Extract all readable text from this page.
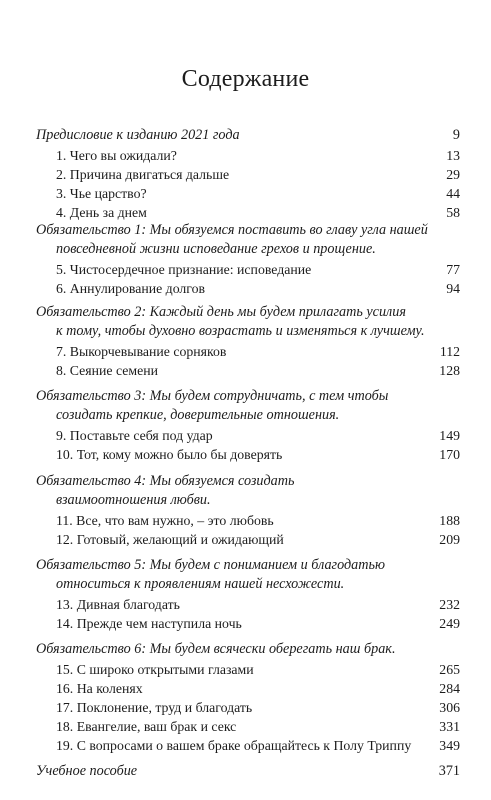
Содержание
Предисловие к изданию 2021 года	9
1. Чего вы ожидали?	13
2. Причина двигаться дальше	29
3. Чье царство?	44
4. День за днем	58
Обязательство 1: Мы обязуемся поставить во главу угла нашей
повседневной жизни исповедание грехов и прощение.
5. Чистосердечное признание: исповедание	77
6. Аннулирование долгов	94
Обязательство 2: Каждый день мы будем прилагать усилия
к тому, чтобы духовно возрастать и изменяться к лучшему.
7. Выкорчевывание сорняков	112
8. Сеяние семени	128
Обязательство 3: Мы будем сотрудничать, с тем чтобы
созидать крепкие, доверительные отношения.
9. Поставьте себя под удар	149
10. Тот, кому можно было бы доверять	170
Обязательство 4: Мы обязуемся созидать
взаимоотношения любви.
11. Все, что вам нужно, – это любовь	188
12. Готовый, желающий и ожидающий	209
Обязательство 5: Мы будем с пониманием и благодатью
относиться к проявлениям нашей несхожести.
13. Дивная благодать	232
14. Прежде чем наступила ночь	249
Обязательство 6: Мы будем всячески оберегать наш брак.
15. С широко открытыми глазами	265
16. На коленях	284
17. Поклонение, труд и благодать	306
18. Евангелие, ваш брак и секс	331
19. С вопросами о вашем браке обращайтесь к Полу Триппу 349
Учебное пособие	371
